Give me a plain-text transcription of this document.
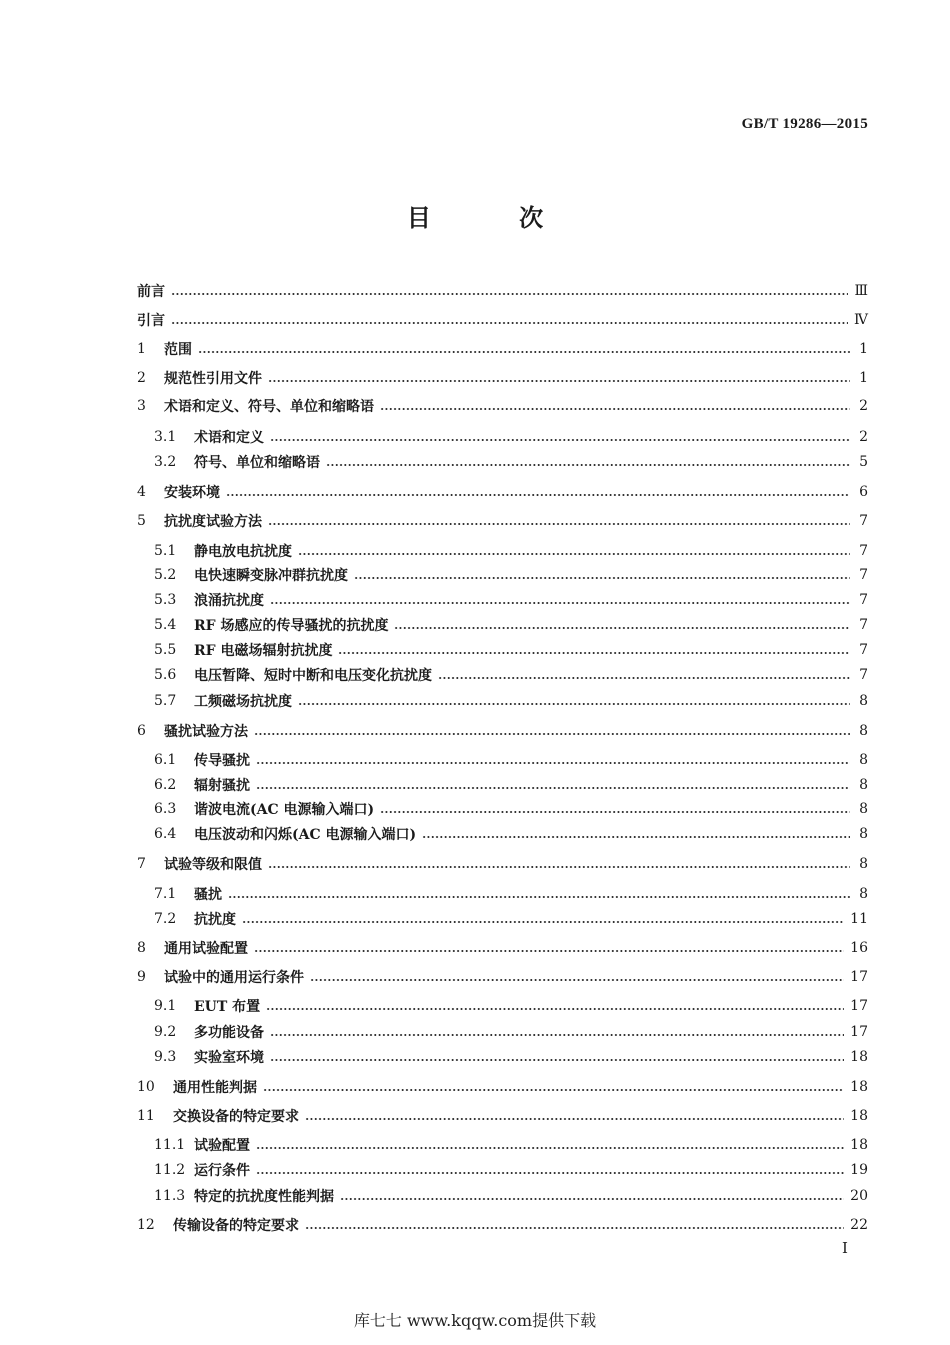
GB/T 19286—2015
目 次
前言	Ⅲ
引言	Ⅳ
1	范围	1
2	规范性引用文件	1
3	术语和定义、符号、单位和缩略语	2
3.1	术语和定义	2
3.2	符号、单位和缩略语	5
4	安装环境	6
5	抗扰度试验方法	7
5.1	静电放电抗扰度	7
5.2	电快速瞬变脉冲群抗扰度	7
5.3	浪涌抗扰度	7
5.4	RF 场感应的传导骚扰的抗扰度	7
5.5	RF 电磁场辐射抗扰度	7
5.6	电压暂降、短时中断和电压变化抗扰度	7
5.7	工频磁场抗扰度	8
6	骚扰试验方法	8
6.1	传导骚扰	8
6.2	辐射骚扰	8
6.3	谐波电流(AC 电源输入端口)	8
6.4	电压波动和闪烁(AC 电源输入端口)	8
7	试验等级和限值	8
7.1	骚扰	8
7.2	抗扰度	11
8	通用试验配置	16
9	试验中的通用运行条件	17
9.1	EUT 布置	17
9.2	多功能设备	17
9.3	实验室环境	18
10	通用性能判据	18
11	交换设备的特定要求	18
11.1 试验配置	18
11.2 运行条件	19
11.3 特定的抗扰度性能判据	20
12	传输设备的特定要求	22
I
库七七 www.kqqw.com提供下载
